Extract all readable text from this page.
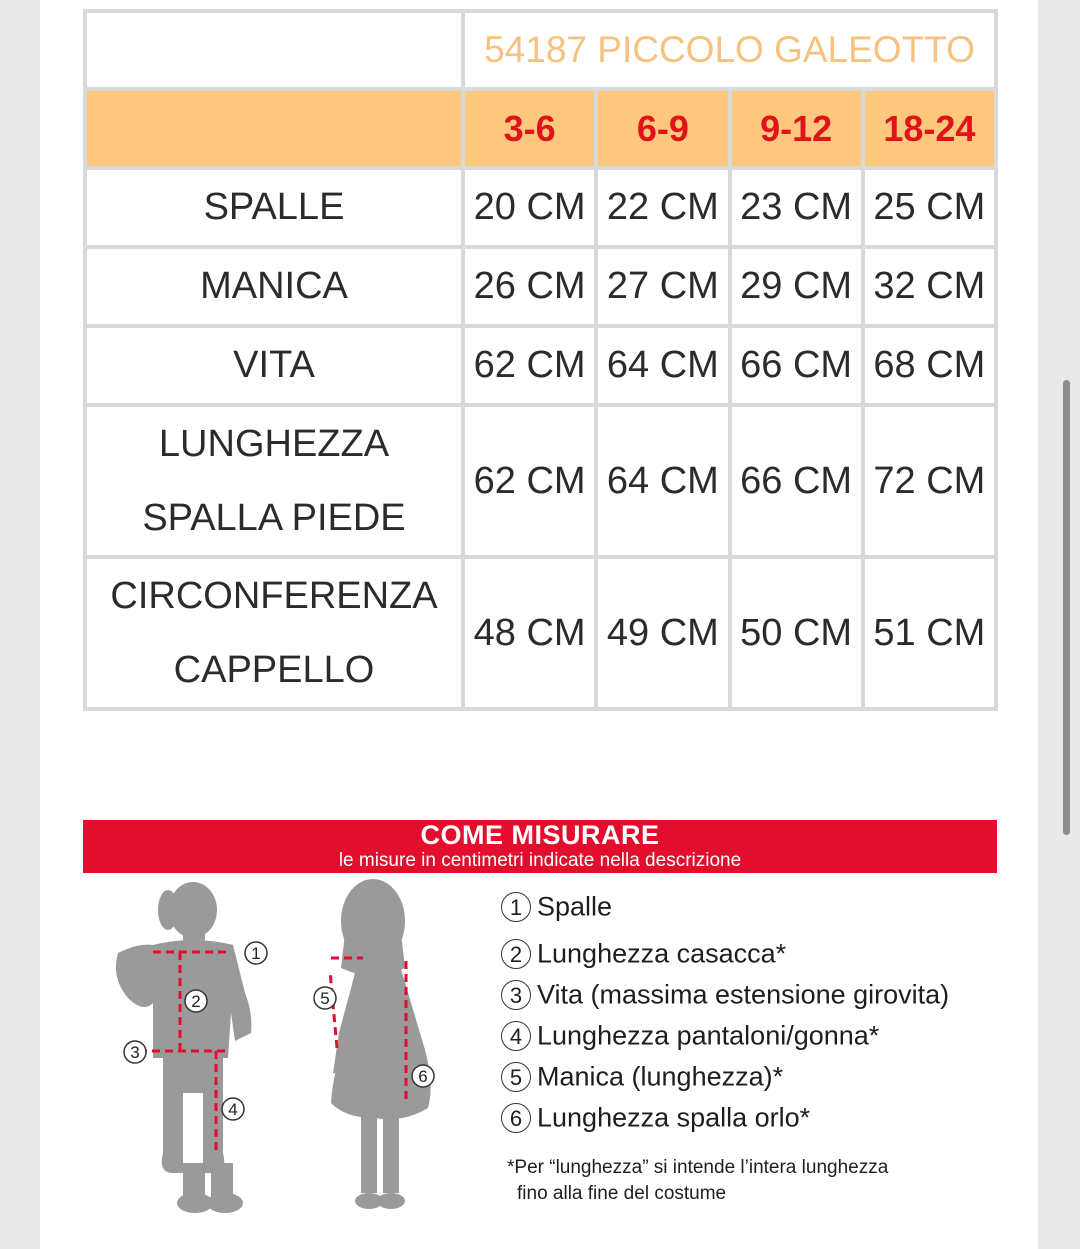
	54187 PICCOLO GALEOTTO			
	3-6	6-9	9-12	18-24
SPALLE	20 CM	22 CM	23 CM	25 CM
MANICA	26 CM	27 CM	29 CM	32 CM
VITA	62 CM	64 CM	66 CM	68 CM

LUNGHEZZA
SPALLA PIEDE	62 CM	64 CM	66 CM	72 CM

CIRCONFERENZA
CAPPELLO	48 CM	49 CM	50 CM	51 CM
COME MISURARE
le misure in centimetri indicate nella descrizione
1
2
3
4
5
6
1 Spalle
2 Lunghezza casacca*
3 Vita (massima estensione girovita)
4 Lunghezza pantaloni/gonna*
5 Manica (lunghezza)*
6 Lunghezza spalla orlo*
*Per “lunghezza” si intende l’intera lunghezza
fino alla fine del costume
